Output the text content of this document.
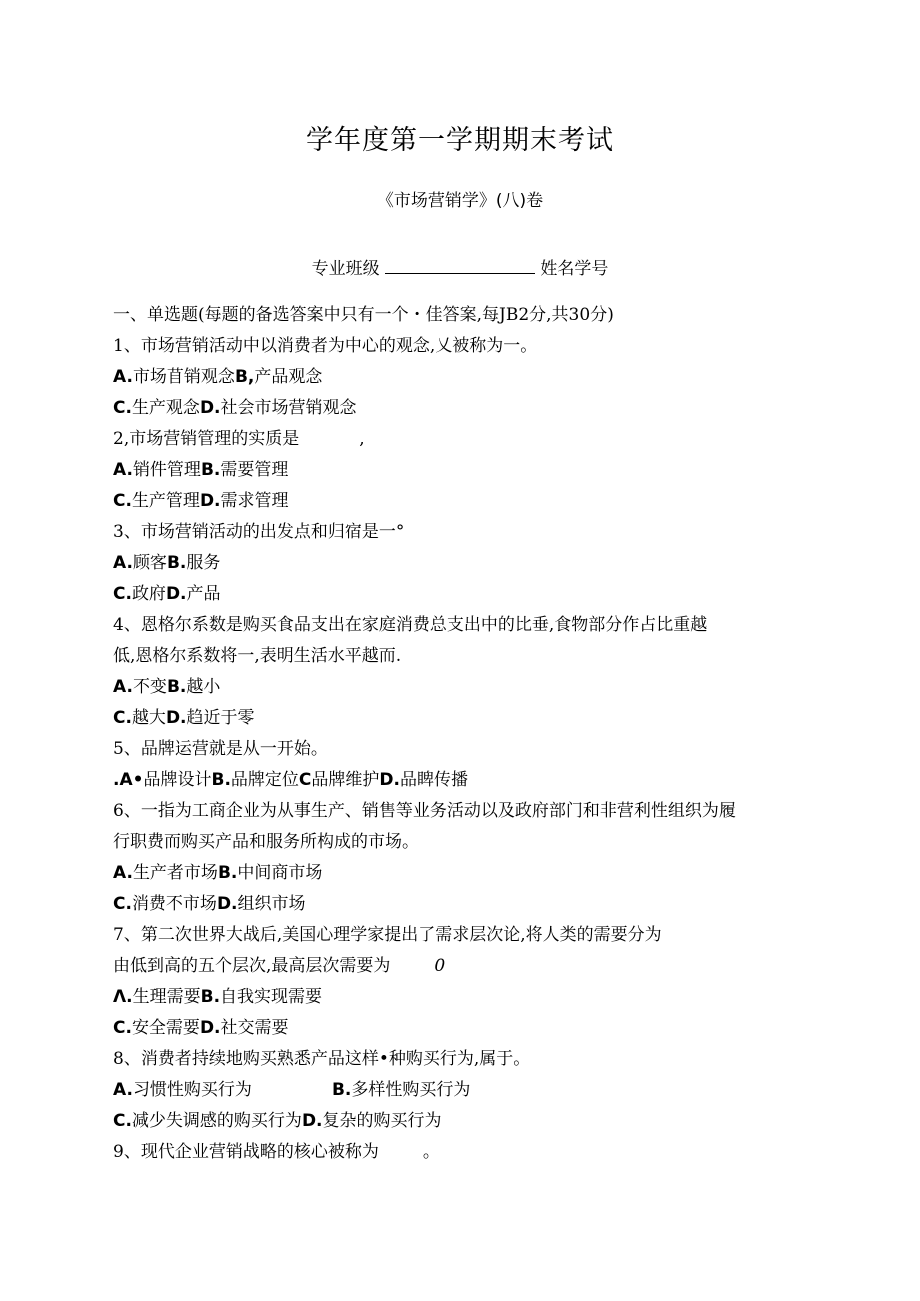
学年度第一学期期末考试
《市场营销学》(八)卷
专业班级	姓名学号
一、单选题(每题的备选答案中只有一个・佳答案,每JB2分,共30分)
1、市场营销活动中以消费者为中心的观念,乂被称为一。
A.市场苜销观念B,产品观念
C.生产观念D.社会市场营销观念
2,市场营销管理的实质是	,
A.销件管理B.需要管理
C.生产管理D.需求管理
3、市场营销活动的出发点和归宿是一°
A.顾客B.服务
C.政府D.产品
4、恩格尔系数是购买食品支出在家庭消费总支出中的比垂,食物部分作占比重越
低,恩格尔系数将一,表明生活水平越而.
A.不变B.越小
C.越大D.趋近于零
5、品牌运营就是从一开始。
.A•品牌设计B.品牌定位C品牌维护D.品睥传播
6、一指为工商企业为从事生产、销售等业务活动以及政府部门和非营利性组织为履
行职费而购买产品和服务所构成的市场。
A.生产者市场B.中间商市场
C.消费不市场D.组织市场
7、第二次世界大战后,美国心理学家提出了需求层次论,将人类的需要分为
由低到高的五个层次,最高层次需要为	0
Λ.生理需要B.自我实现需要
C.安全需要D.社交需要
8、消费者持续地购买熟悉产品这样•种购买行为,属于。
A.习惯性购买行为	B.多样性购买行为
C.减少失调感的购买行为D.复杂的购买行为
9、现代企业营销战略的核心被称为	。
